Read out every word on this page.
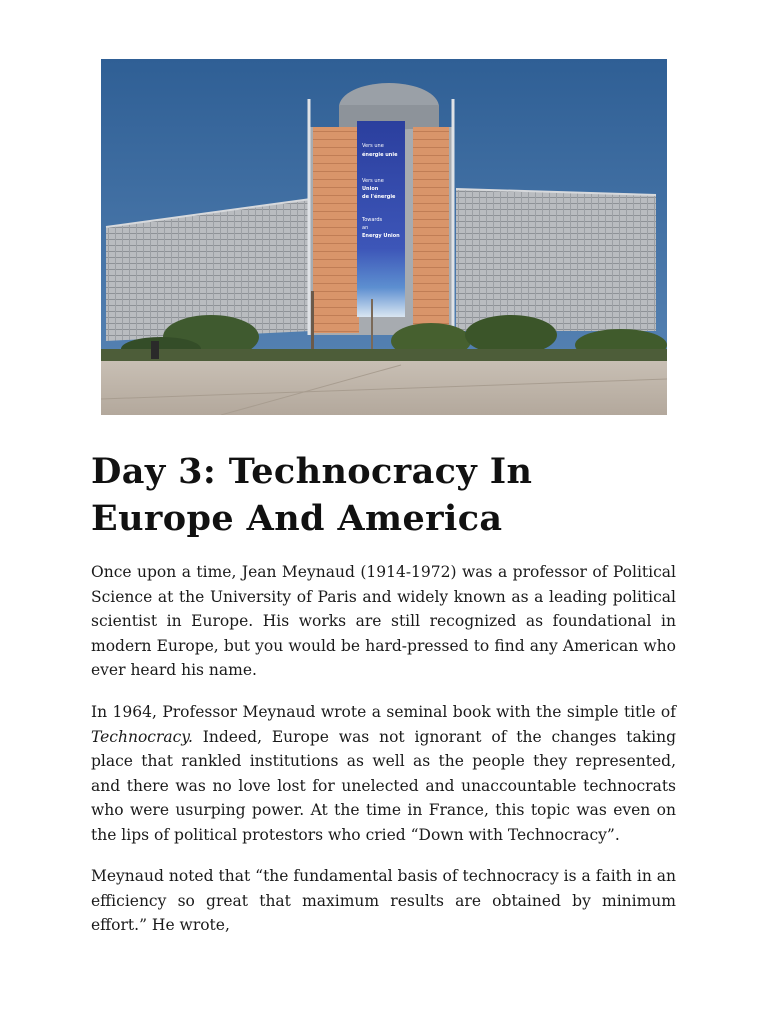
Vers une
énergie unie
Vers une
Union
de l'énergie
Towards
an
Energy Union
Day 3: Technocracy In Europe And America

Once upon a time, Jean Meynaud (1914-1972) was a professor of Political Science at the University of Paris and widely known as a leading political scientist in Europe. His works are still recognized as foundational in modern Europe, but you would be hard-pressed to find any American who ever heard his name.

In 1964, Professor Meynaud wrote a seminal book with the simple title of Technocracy. Indeed, Europe was not ignorant of the changes taking place that rankled institutions as well as the people they represented, and there was no love lost for unelected and unaccountable technocrats who were usurping power. At the time in France, this topic was even on the lips of political protestors who cried “Down with Technocracy”.

Meynaud noted that “the fundamental basis of technocracy is a faith in an efficiency so great that maximum results are obtained by minimum effort.” He wrote,
